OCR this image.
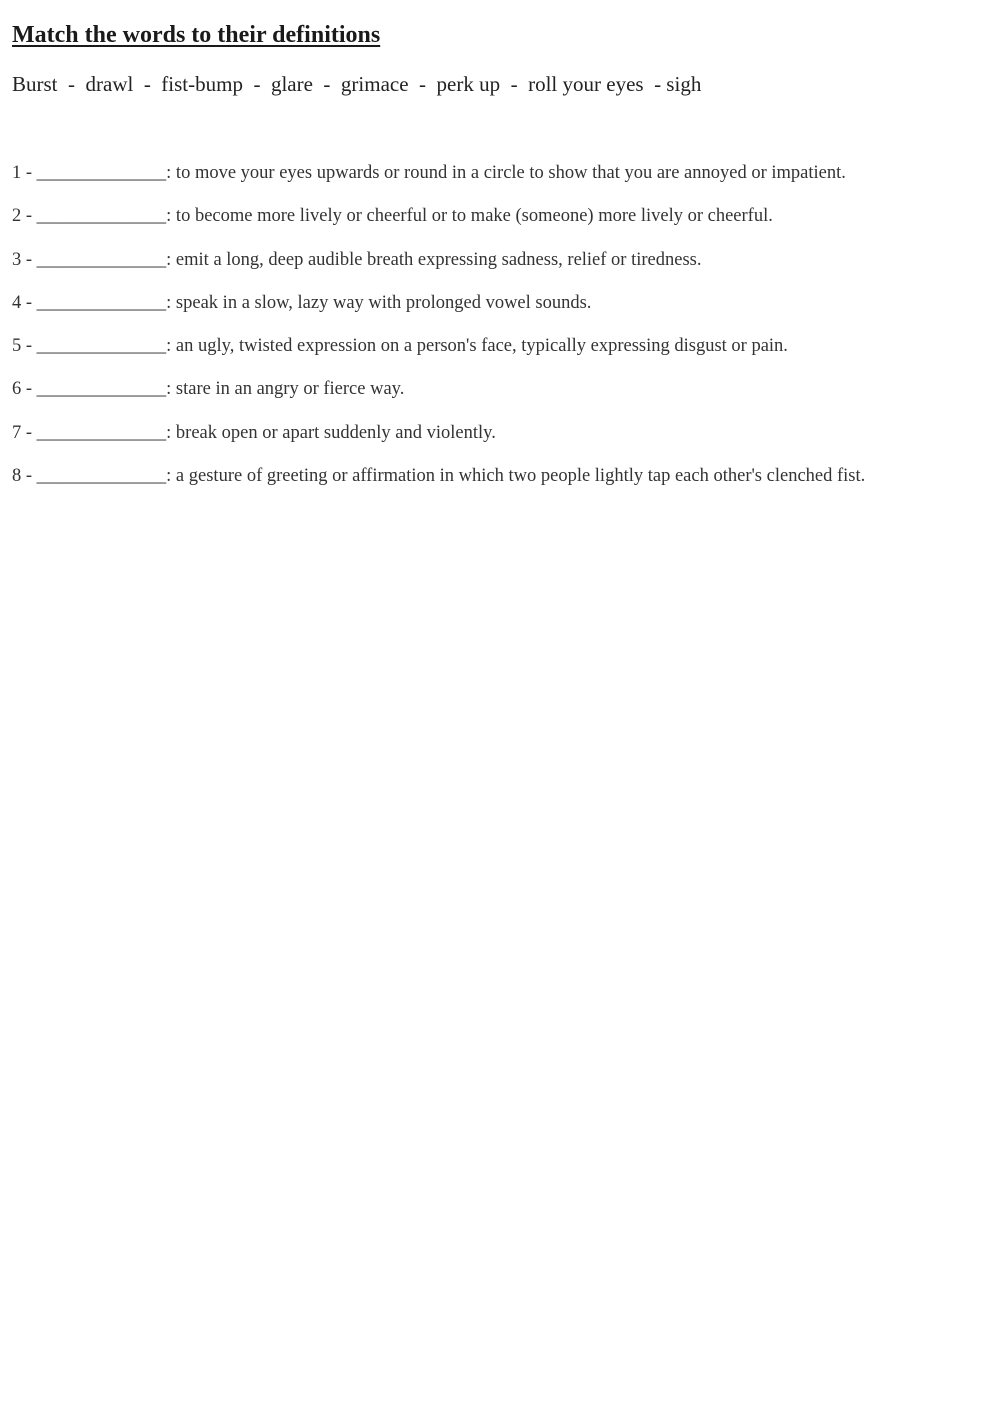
Match the words to their definitions
Burst  -  drawl  -  fist-bump  -  glare  -  grimace  -  perk up  -  roll your eyes  - sigh
1 - ______________: to move your eyes upwards or round in a circle to show that you are annoyed or impatient.
2 - ______________: to become more lively or cheerful or to make (someone) more lively or cheerful.
3 - ______________: emit a long, deep audible breath expressing sadness, relief or tiredness.
4 - ______________: speak in a slow, lazy way with prolonged vowel sounds.
5 - ______________: an ugly, twisted expression on a person's face, typically expressing disgust or pain.
6 - ______________: stare in an angry or fierce way.
7 - ______________: break open or apart suddenly and violently.
8 - ______________: a gesture of greeting or affirmation in which two people lightly tap each other's clenched fist.
